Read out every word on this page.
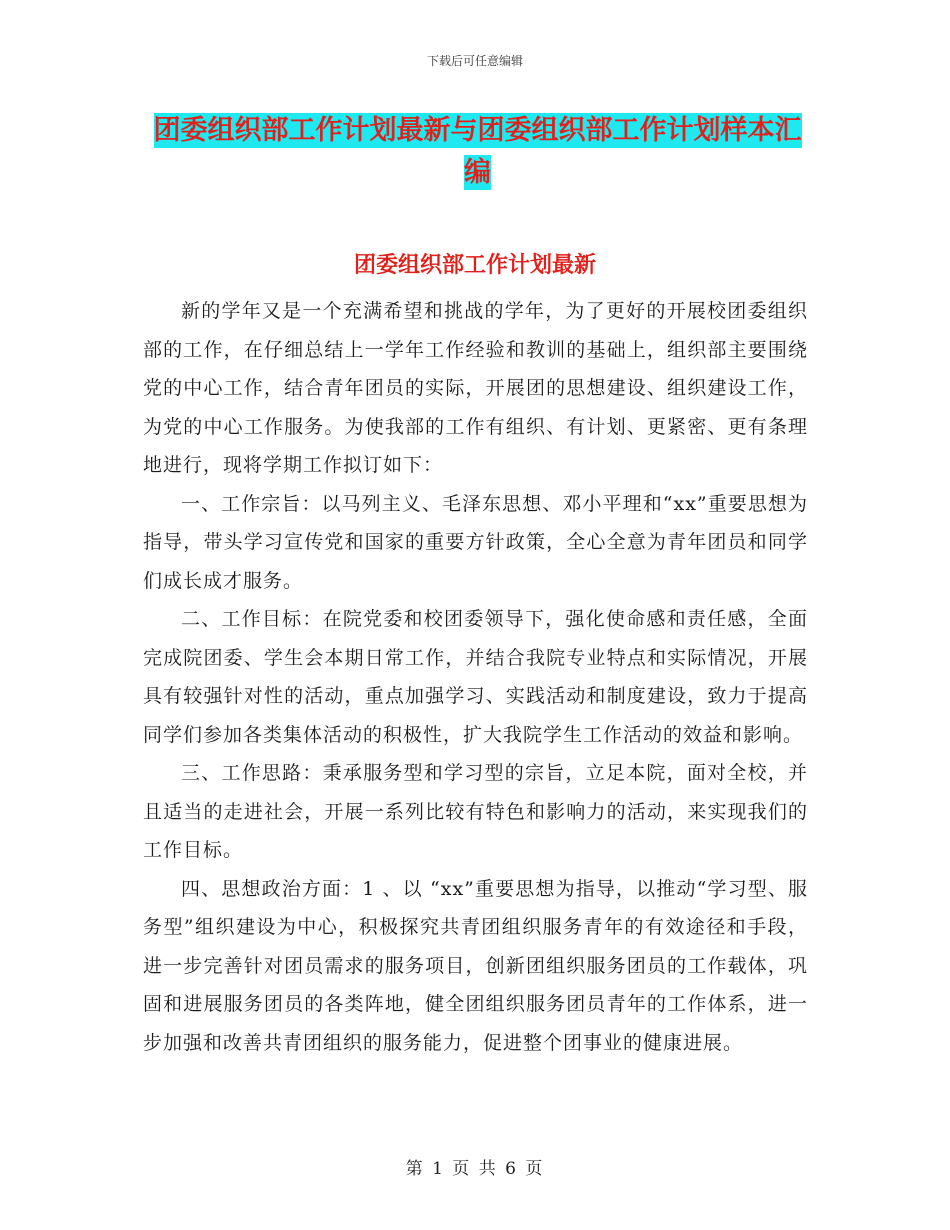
下载后可任意编辑
团委组织部工作计划最新与团委组织部工作计划样本汇编
团委组织部工作计划最新

新的学年又是一个充满希望和挑战的学年，为了更好的开展校团委组织部的工作，在仔细总结上一学年工作经验和教训的基础上，组织部主要围绕党的中心工作，结合青年团员的实际，开展团的思想建设、组织建设工作，为党的中心工作服务。为使我部的工作有组织、有计划、更紧密、更有条理地进行，现将学期工作拟订如下：

一、工作宗旨：以马列主义、毛泽东思想、邓小平理和“xx”重要思想为指导，带头学习宣传党和国家的重要方针政策，全心全意为青年团员和同学们成长成才服务。

二、工作目标：在院党委和校团委领导下，强化使命感和责任感，全面完成院团委、学生会本期日常工作，并结合我院专业特点和实际情况，开展具有较强针对性的活动，重点加强学习、实践活动和制度建设，致力于提高同学们参加各类集体活动的积极性，扩大我院学生工作活动的效益和影响。

三、工作思路：秉承服务型和学习型的宗旨，立足本院，面对全校，并且适当的走进社会，开展一系列比较有特色和影响力的活动，来实现我们的工作目标。

四、思想政治方面：1 、以 “xx”重要思想为指导，以推动“学习型、服务型”组织建设为中心，积极探究共青团组织服务青年的有效途径和手段，进一步完善针对团员需求的服务项目，创新团组织服务团员的工作载体，巩固和进展服务团员的各类阵地，健全团组织服务团员青年的工作体系，进一步加强和改善共青团组织的服务能力，促进整个团事业的健康进展。

第 1 页 共 6 页
